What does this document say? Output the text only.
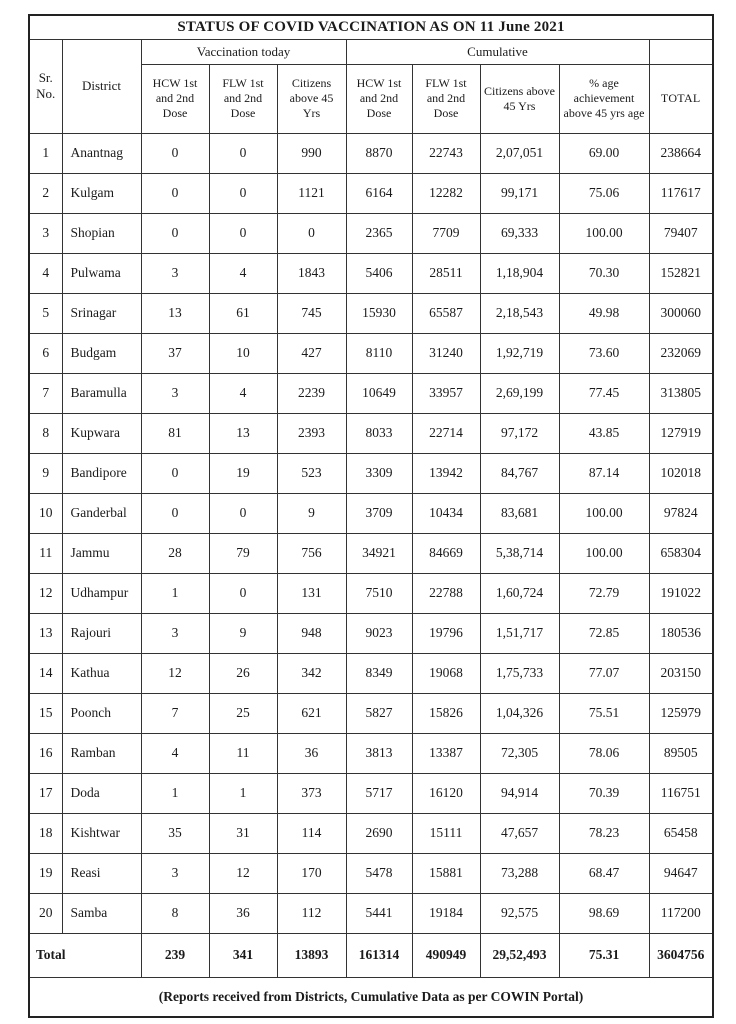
STATUS OF COVID VACCINATION AS ON 11 June 2021									
Sr. No.	District	Vaccination today			Cumulative				
		HCW 1st and 2nd Dose	FLW 1st and 2nd Dose	Citizens above 45 Yrs	HCW 1st and 2nd Dose	FLW 1st and 2nd Dose	Citizens above 45 Yrs	% age achievement above 45 yrs age	TOTAL
1	Anantnag	0	0	990	8870	22743	2,07,051	69.00	238664
2	Kulgam	0	0	1121	6164	12282	99,171	75.06	117617
3	Shopian	0	0	0	2365	7709	69,333	100.00	79407
4	Pulwama	3	4	1843	5406	28511	1,18,904	70.30	152821
5	Srinagar	13	61	745	15930	65587	2,18,543	49.98	300060
6	Budgam	37	10	427	8110	31240	1,92,719	73.60	232069
7	Baramulla	3	4	2239	10649	33957	2,69,199	77.45	313805
8	Kupwara	81	13	2393	8033	22714	97,172	43.85	127919
9	Bandipore	0	19	523	3309	13942	84,767	87.14	102018
10	Ganderbal	0	0	9	3709	10434	83,681	100.00	97824
11	Jammu	28	79	756	34921	84669	5,38,714	100.00	658304
12	Udhampur	1	0	131	7510	22788	1,60,724	72.79	191022
13	Rajouri	3	9	948	9023	19796	1,51,717	72.85	180536
14	Kathua	12	26	342	8349	19068	1,75,733	77.07	203150
15	Poonch	7	25	621	5827	15826	1,04,326	75.51	125979
16	Ramban	4	11	36	3813	13387	72,305	78.06	89505
17	Doda	1	1	373	5717	16120	94,914	70.39	116751
18	Kishtwar	35	31	114	2690	15111	47,657	78.23	65458
19	Reasi	3	12	170	5478	15881	73,288	68.47	94647
20	Samba	8	36	112	5441	19184	92,575	98.69	117200
Total		239	341	13893	161314	490949	29,52,493	75.31	3604756
(Reports received from Districts, Cumulative Data as per COWIN Portal)									
